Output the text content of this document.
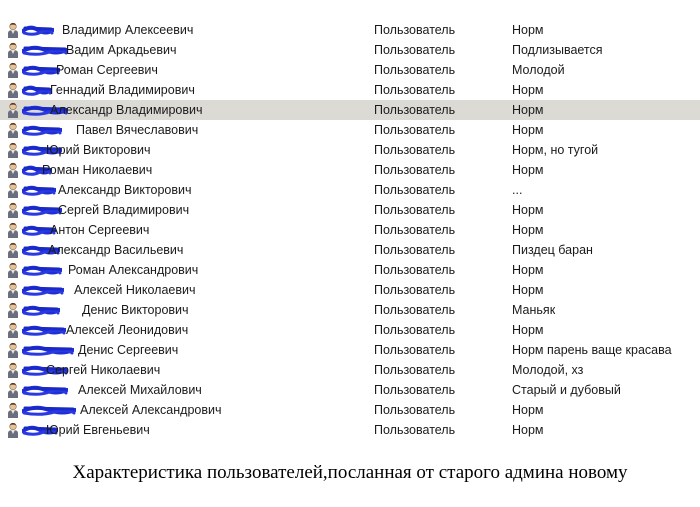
Владимир Алексеевич	Пользователь	Норм
Вадим Аркадьевич	Пользователь	Подлизывается
Роман Сергеевич	Пользователь	Молодой
Геннадий Владимирович	Пользователь	Норм
Александр Владимирович	Пользователь	Норм
Павел Вячеславович	Пользователь	Норм
Юрий Викторович	Пользователь	Норм, но тугой
Роман Николаевич	Пользователь	Норм
Александр Викторович	Пользователь	...
Сергей Владимирович	Пользователь	Норм
Антон Сергеевич	Пользователь	Норм
Александр Васильевич	Пользователь	Пиздец баран
Роман Александрович	Пользователь	Норм
Алексей Николаевич	Пользователь	Норм
Денис Викторович	Пользователь	Маньяк
Алексей Леонидович	Пользователь	Норм
Денис Сергеевич	Пользователь	Норм парень ваще красава
Сергей Николаевич	Пользователь	Молодой, хз
Алексей Михайлович	Пользователь	Старый и дубовый
Алексей Александрович	Пользователь	Норм
Юрий Евгеньевич	Пользователь	Норм
Характеристика пользователей,посланная от старого админа новому
